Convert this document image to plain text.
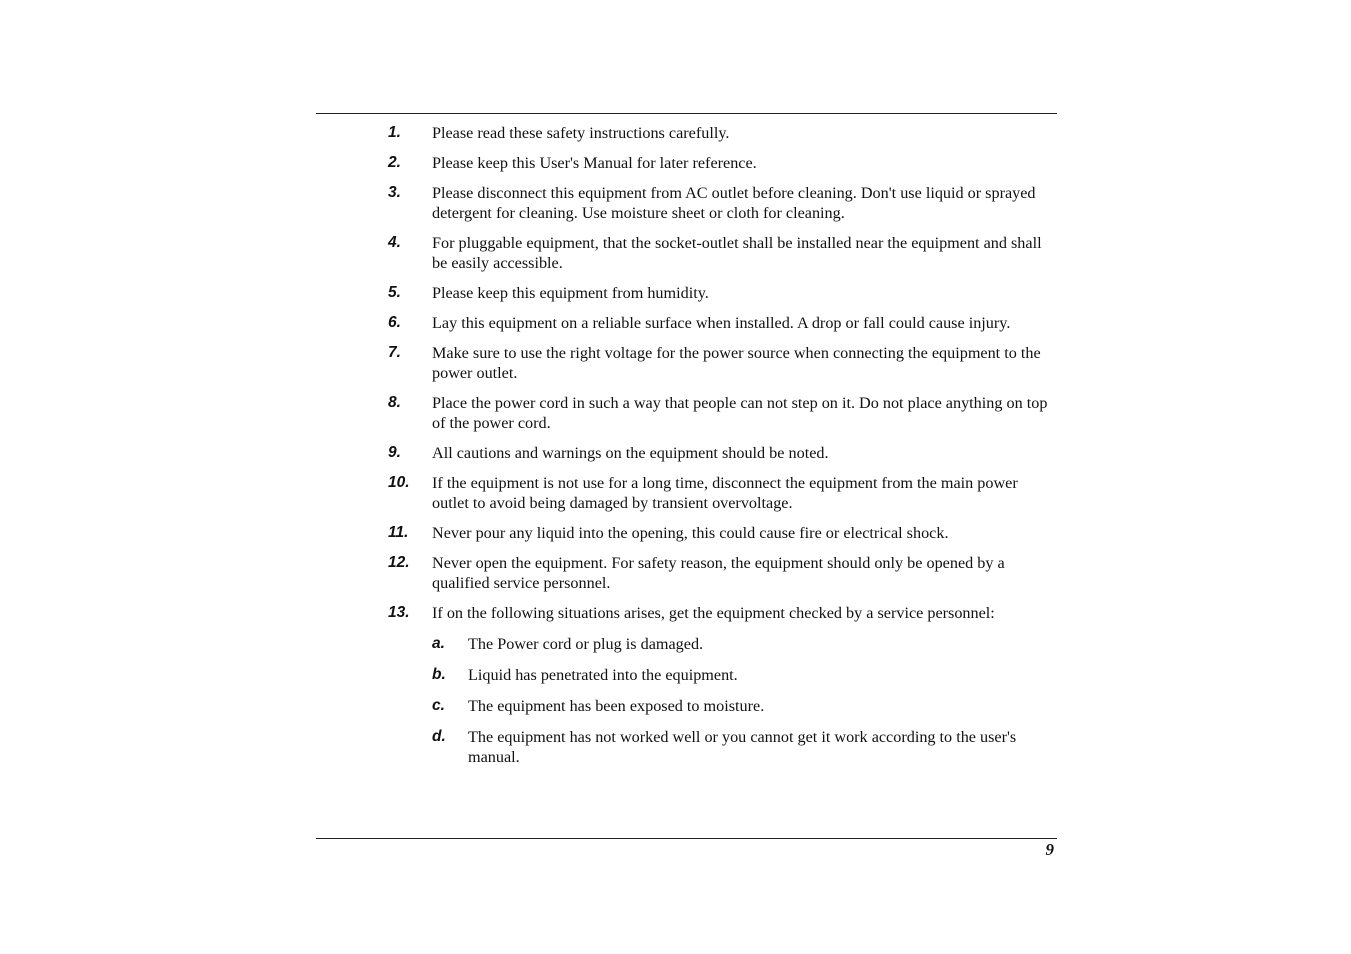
1. Please read these safety instructions carefully.
2. Please keep this User's Manual for later reference.
3. Please disconnect this equipment from AC outlet before cleaning. Don't use liquid or sprayed detergent for cleaning. Use moisture sheet or cloth for cleaning.
4. For pluggable equipment, that the socket-outlet shall be installed near the equipment and shall be easily accessible.
5. Please keep this equipment from humidity.
6. Lay this equipment on a reliable surface when installed. A drop or fall could cause injury.
7. Make sure to use the right voltage for the power source when connecting the equipment to the power outlet.
8. Place the power cord in such a way that people can not step on it. Do not place anything on top of the power cord.
9. All cautions and warnings on the equipment should be noted.
10. If the equipment is not use for a long time, disconnect the equipment from the main power outlet to avoid being damaged by transient overvoltage.
11. Never pour any liquid into the opening, this could cause fire or electrical shock.
12. Never open the equipment. For safety reason, the equipment should only be opened by a qualified service personnel.
13. If on the following situations arises, get the equipment checked by a service personnel:
a. The Power cord or plug is damaged.
b. Liquid has penetrated into the equipment.
c. The equipment has been exposed to moisture.
d. The equipment has not worked well or you cannot get it work according to the user's manual.
9
